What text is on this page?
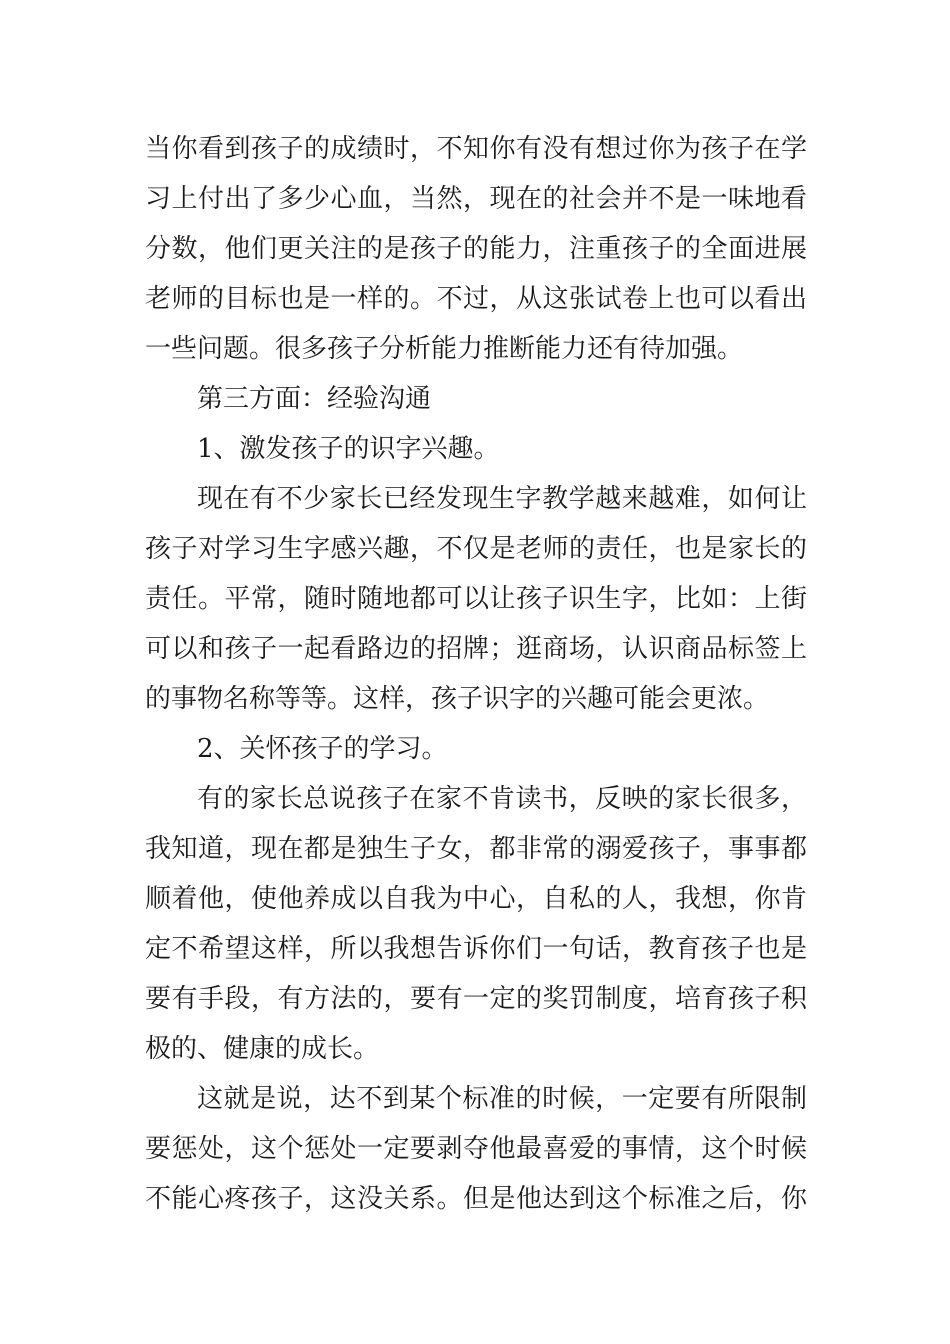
当你看到孩子的成绩时，不知你有没有想过你为孩子在学
习上付出了多少心血，当然，现在的社会并不是一味地看
分数，他们更关注的是孩子的能力，注重孩子的全面进展
老师的目标也是一样的。不过，从这张试卷上也可以看出
一些问题。很多孩子分析能力推断能力还有待加强。
第三方面：经验沟通
1、激发孩子的识字兴趣。
现在有不少家长已经发现生字教学越来越难，如何让
孩子对学习生字感兴趣，不仅是老师的责任，也是家长的
责任。平常，随时随地都可以让孩子识生字，比如：上街
可以和孩子一起看路边的招牌；逛商场，认识商品标签上
的事物名称等等。这样，孩子识字的兴趣可能会更浓。
2、关怀孩子的学习。
有的家长总说孩子在家不肯读书，反映的家长很多，
我知道，现在都是独生子女，都非常的溺爱孩子，事事都
顺着他，使他养成以自我为中心，自私的人，我想，你肯
定不希望这样，所以我想告诉你们一句话，教育孩子也是
要有手段，有方法的，要有一定的奖罚制度，培育孩子积
极的、健康的成长。
这就是说，达不到某个标准的时候，一定要有所限制
要惩处，这个惩处一定要剥夺他最喜爱的事情，这个时候
不能心疼孩子，这没关系。但是他达到这个标准之后，你
